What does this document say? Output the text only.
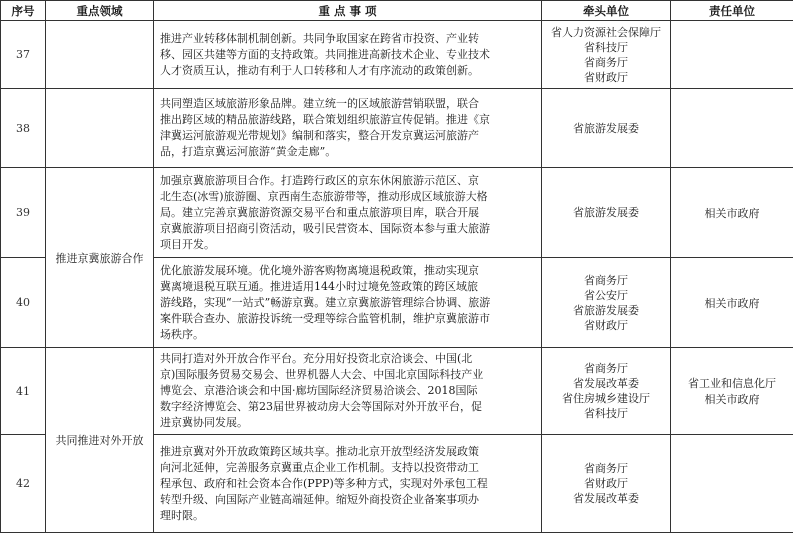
序号	重点领域	重 点 事 项	牵头单位	责任单位
37		推进产业转移体制机制创新。共同争取国家在跨省市投资、产业转
移、园区共建等方面的支持政策。共同推进高新技术企业、专业技术
人才资质互认，推动有利于人口转移和人才有序流动的政策创新。	省人力资源社会保障厅
省科技厅
省商务厅
省财政厅	

38		共同塑造区域旅游形象品牌。建立统一的区域旅游营销联盟，联合
推出跨区域的精品旅游线路，联合策划组织旅游宣传促销。推进《京
津冀运河旅游观光带规划》编制和落实，整合开发京冀运河旅游产
品，打造京冀运河旅游“黄金走廊”。	省旅游发展委	

39	推进京冀旅游合作	加强京冀旅游项目合作。打造跨行政区的京东休闲旅游示范区、京
北生态(冰雪)旅游圈、京西南生态旅游带等，推动形成区域旅游大格
局。建立完善京冀旅游资源交易平台和重点旅游项目库，联合开展
京冀旅游项目招商引资活动，吸引民营资本、国际资本参与重大旅游
项目开发。	省旅游发展委	相关市政府
40		优化旅游发展环境。优化境外游客购物离境退税政策，推动实现京
冀离境退税互联互通。推进适用144小时过境免签政策的跨区域旅
游线路，实现“一站式”畅游京冀。建立京冀旅游管理综合协调、旅游
案件联合查办、旅游投诉统一受理等综合监管机制，维护京冀旅游市
场秩序。	省商务厅
省公安厅
省旅游发展委
省财政厅	相关市政府
41	共同推进对外开放	共同打造对外开放合作平台。充分用好投资北京洽谈会、中国(北
京)国际服务贸易交易会、世界机器人大会、中国北京国际科技产业
博览会、京港洽谈会和中国·廊坊国际经济贸易洽谈会、2018国际
数字经济博览会、第23届世界被动房大会等国际对外开放平台，促
进京冀协同发展。	省商务厅
省发展改革委
省住房城乡建设厅
省科技厅	省工业和信息化厅
相关市政府

42		推进京冀对外开放政策跨区域共享。推动北京开放型经济发展政策
向河北延伸，完善服务京冀重点企业工作机制。支持以投资带动工
程承包、政府和社会资本合作(PPP)等多种方式，实现对外承包工程
转型升级、向国际产业链高端延伸。缩短外商投资企业备案事项办
理时限。	省商务厅
省财政厅
省发展改革委	
